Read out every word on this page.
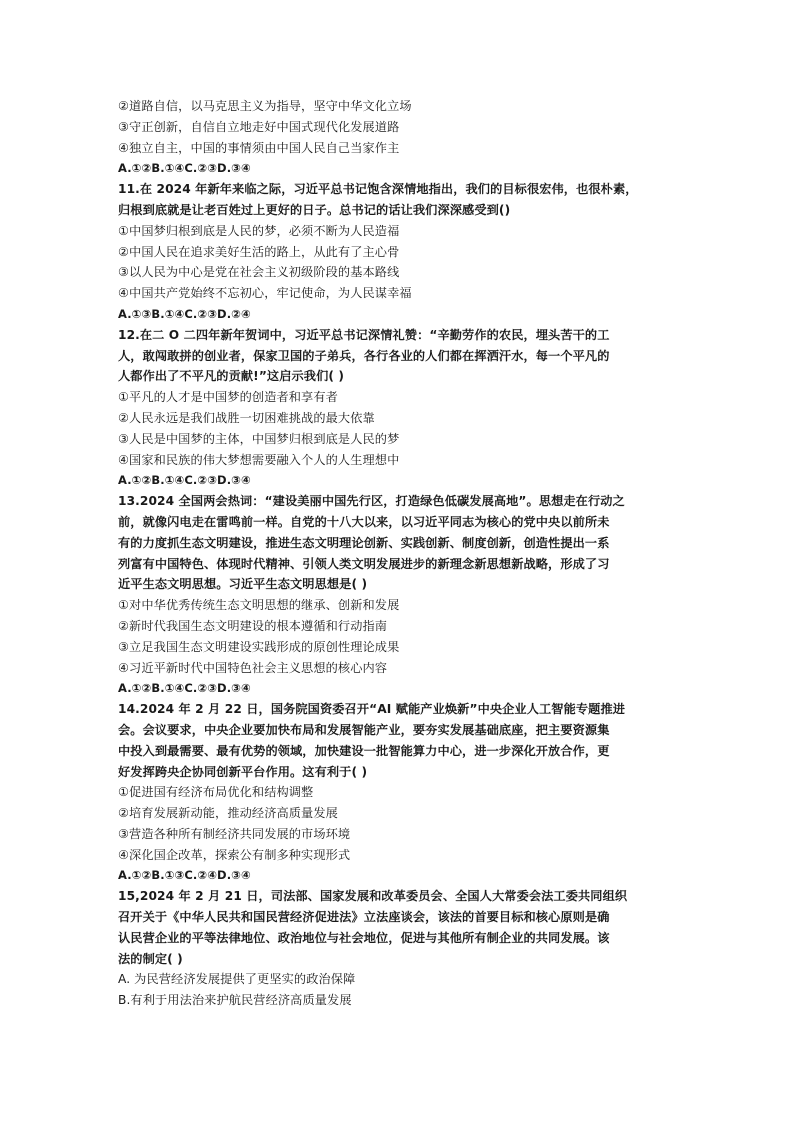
②道路自信，以马克思主义为指导，坚守中华文化立场
③守正创新，自信自立地走好中国式现代化发展道路
④独立自主，中国的事情须由中国人民自己当家作主
A.①②B.①④C.②③D.③④
11.在 2024 年新年来临之际，习近平总书记饱含深情地指出，我们的目标很宏伟，也很朴素，
归根到底就是让老百姓过上更好的日子。总书记的话让我们深深感受到()
①中国梦归根到底是人民的梦，必须不断为人民造福
②中国人民在追求美好生活的路上，从此有了主心骨
③以人民为中心是党在社会主义初级阶段的基本路线
④中国共产党始终不忘初心，牢记使命，为人民谋幸福
A.①③B.①④C.②③D.②④
12.在二 O 二四年新年贺词中，习近平总书记深情礼赞：“辛勤劳作的农民，埋头苦干的工
人，敢闯敢拼的创业者，保家卫国的子弟兵，各行各业的人们都在挥洒汗水，每一个平凡的
人都作出了不平凡的贡献!”这启示我们( )
①平凡的人才是中国梦的创造者和享有者
②人民永远是我们战胜一切困难挑战的最大依靠
③人民是中国梦的主体，中国梦归根到底是人民的梦
④国家和民族的伟大梦想需要融入个人的人生理想中
A.①②B.①④C.②③D.③④
13.2024 全国两会热词：“建设美丽中国先行区，打造绿色低碳发展高地”。思想走在行动之
前，就像闪电走在雷鸣前一样。自党的十八大以来，以习近平同志为核心的党中央以前所未
有的力度抓生态文明建设，推进生态文明理论创新、实践创新、制度创新，创造性提出一系
列富有中国特色、体现时代精神、引领人类文明发展进步的新理念新思想新战略，形成了习
近平生态文明思想。习近平生态文明思想是( )
①对中华优秀传统生态文明思想的继承、创新和发展
②新时代我国生态文明建设的根本遵循和行动指南
③立足我国生态文明建设实践形成的原创性理论成果
④习近平新时代中国特色社会主义思想的核心内容
A.①②B.①④C.②③D.③④
14.2024 年 2 月 22 日，国务院国资委召开“AI 赋能产业焕新”中央企业人工智能专题推进
会。会议要求，中央企业要加快布局和发展智能产业，要夯实发展基础底座，把主要资源集
中投入到最需要、最有优势的领域，加快建设一批智能算力中心，进一步深化开放合作，更
好发挥跨央企协同创新平台作用。这有利于( )
①促进国有经济布局优化和结构调整
②培育发展新动能，推动经济高质量发展
③营造各种所有制经济共同发展的市场环境
④深化国企改革，探索公有制多种实现形式
A.①②B.①③C.②④D.③④
15,2024 年 2 月 21 日，司法部、国家发展和改革委员会、全国人大常委会法工委共同组织
召开关于《中华人民共和国民营经济促进法》立法座谈会，该法的首要目标和核心原则是确
认民营企业的平等法律地位、政治地位与社会地位，促进与其他所有制企业的共同发展。该
法的制定( )
A. 为民营经济发展提供了更坚实的政治保障
B.有利于用法治来护航民营经济高质量发展
